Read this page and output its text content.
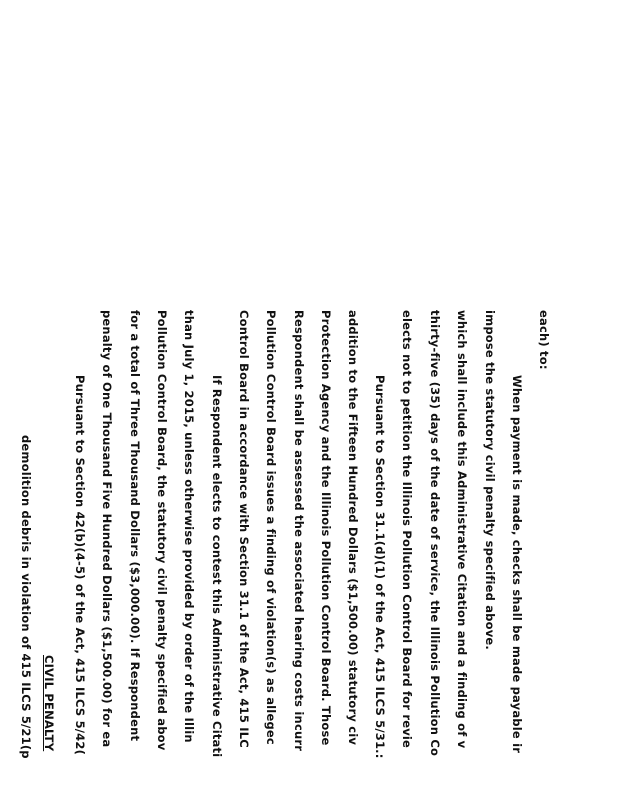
demolition debris in violation of 415 ILCS 5/21(p CIVIL PENALTY Pursuant to Section 42(b)(4-5) of the Act, 415 ILCS 5/42( penalty of One Thousand Five Hundred Dollars ($1,500.00) for ea for a total of Three Thousand Dollars ($3,000.00). If Respondent Pollution Control Board, the statutory civil penalty specified abov than July 1, 2015, unless otherwise provided by order of the Illin If Respondent elects to contest this Administrative Citati Control Board in accordance with Section 31.1 of the Act, 415 ILC Pollution Control Board issues a finding of violation(s) as allegec Respondent shall be assessed the associated hearing costs incurr Protection Agency and the Illinois Pollution Control Board. Those addition to the Fifteen Hundred Dollars ($1,500.00) statutory civ Pursuant to Section 31.1(d)(1) of the Act, 415 ILCS 5/31.: elects not to petition the Illinois Pollution Control Board for revie thirty-five (35) days of the date of service, the Illinois Pollution Co which shall include this Administrative Citation and a finding of v impose the statutory civil penalty specified above. When payment is made, checks shall be made payable ir
each) to:
